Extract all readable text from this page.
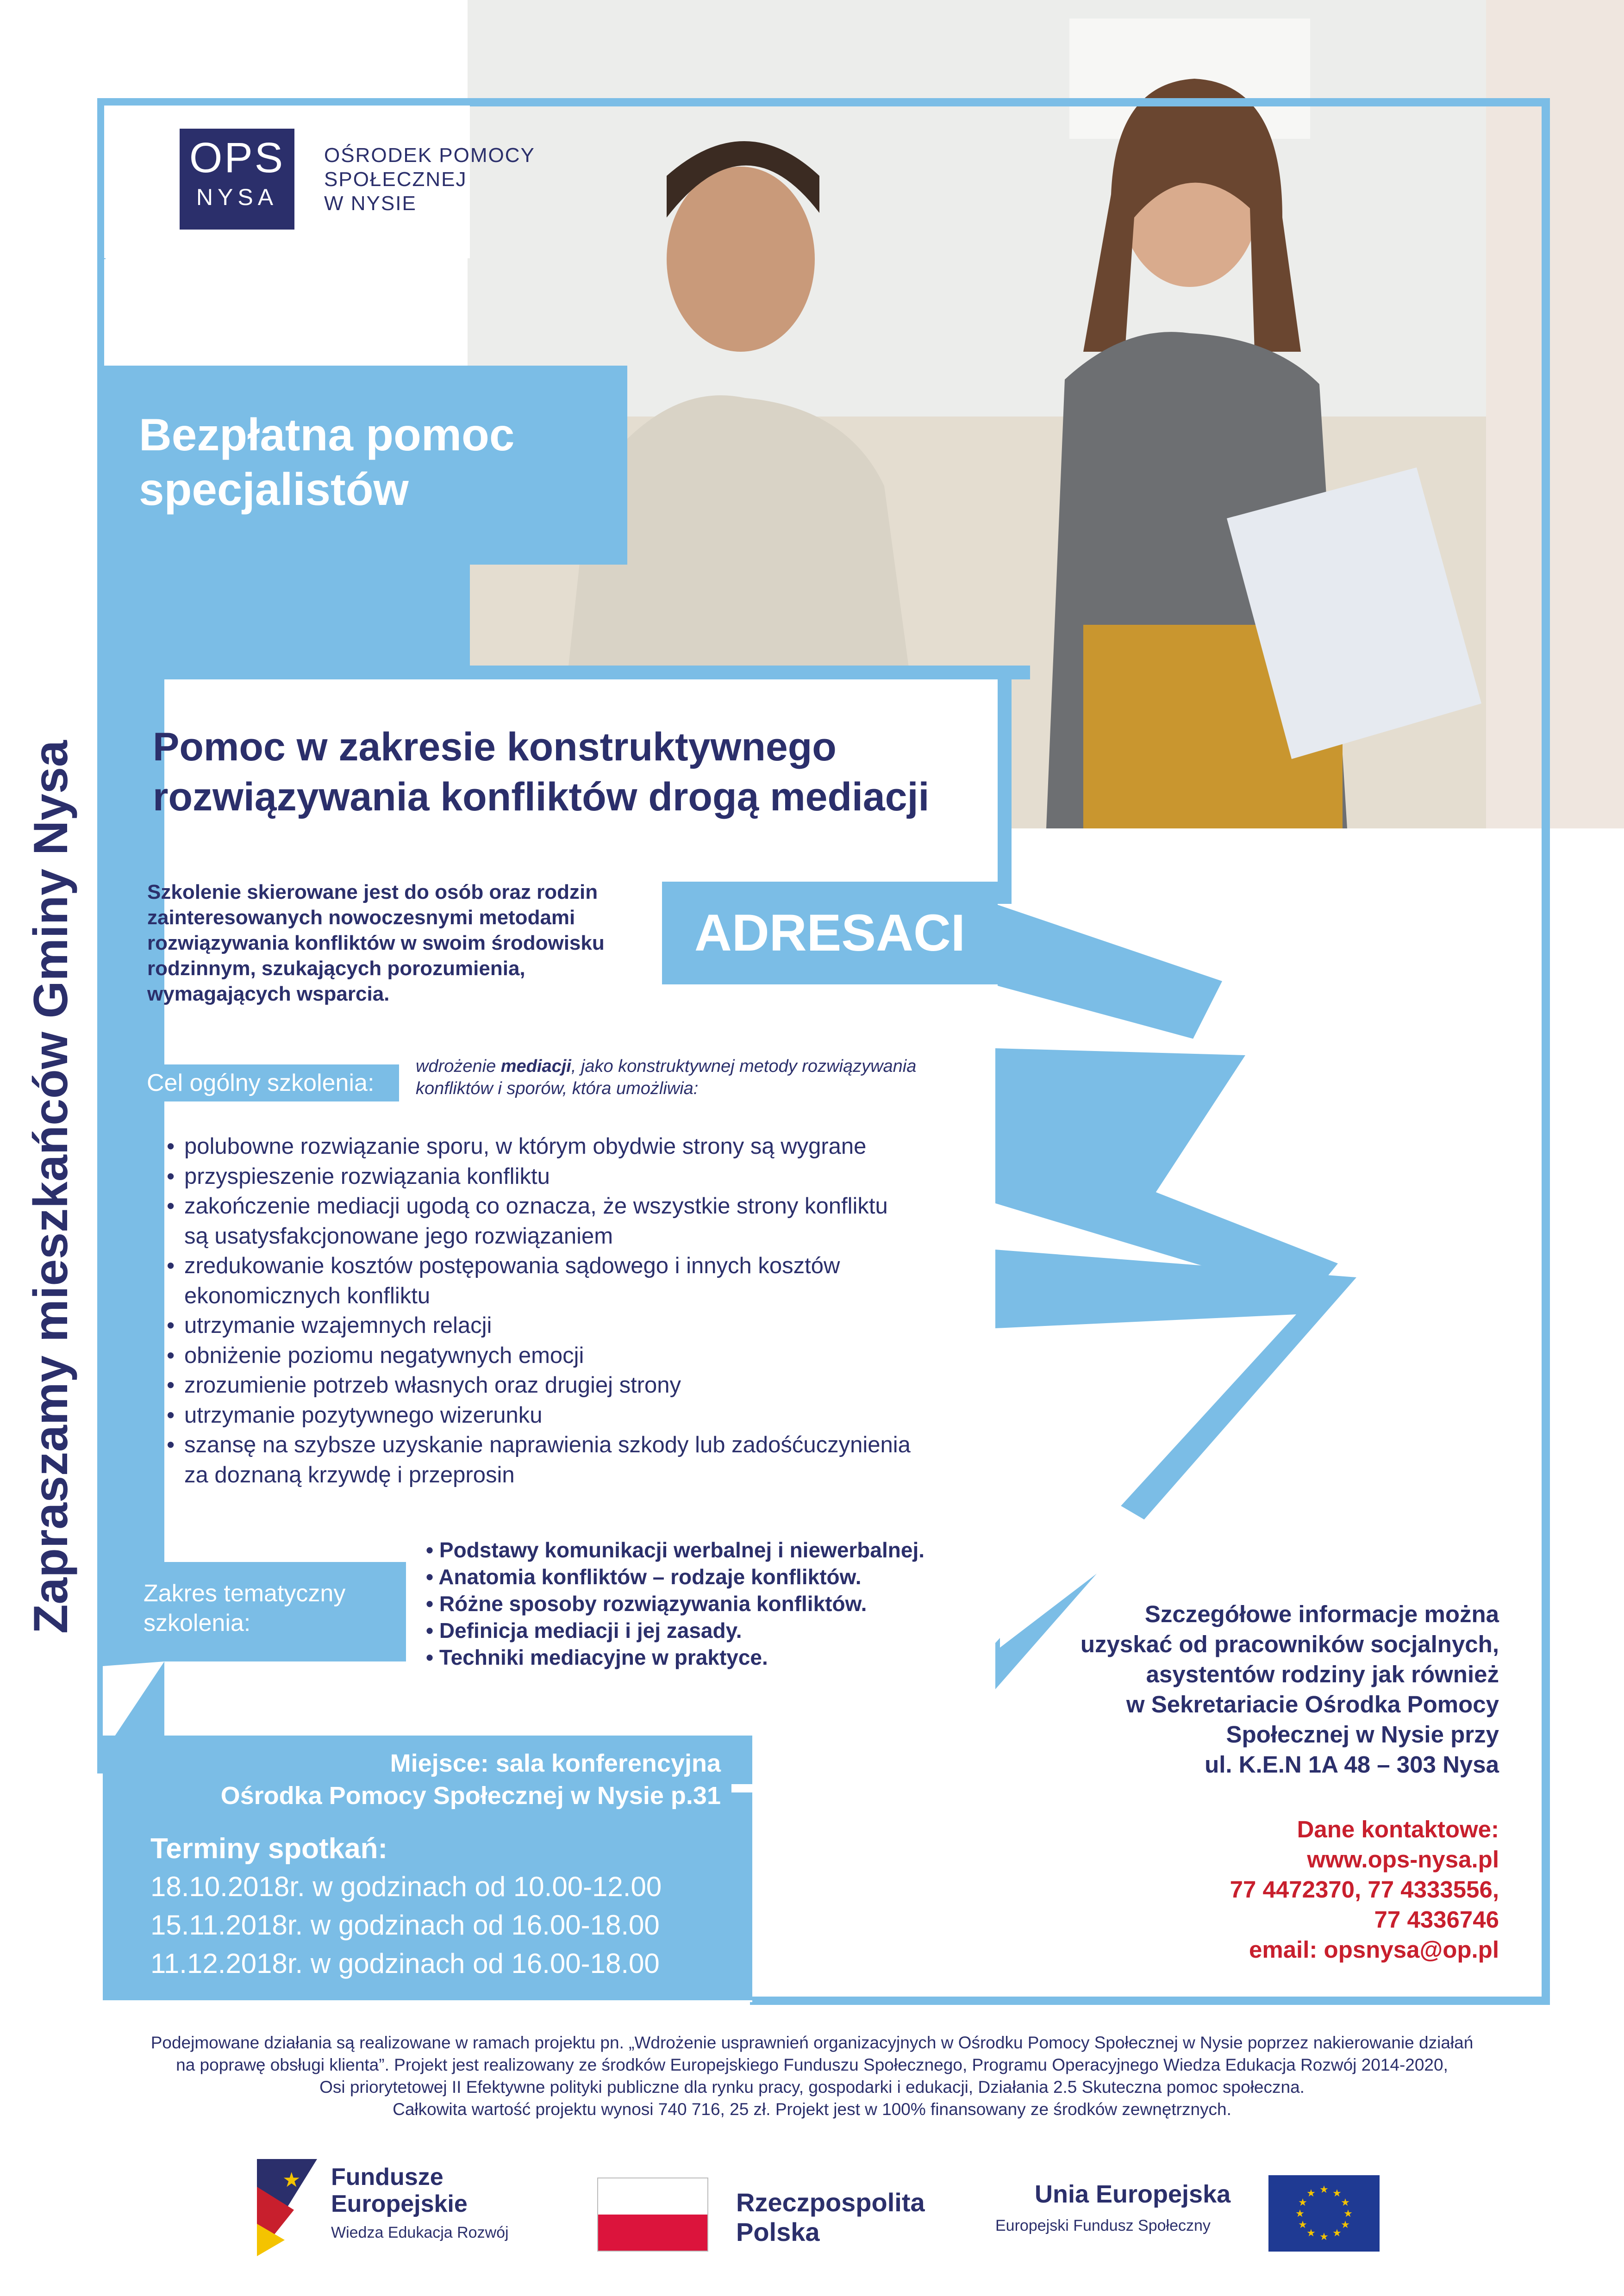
OPS
NYSA
OŚRODEK POMOCY
SPOŁECZNEJ
W NYSIE
Bezpłatna pomoc
specjalistów
Zapraszamy mieszkańców Gminy Nysa Pomoc w zakresie konstruktywnego
rozwiązywania konfliktów drogą mediacji
Szkolenie skierowane jest do osób oraz rodzin
zainteresowanych nowoczesnymi metodami
rozwiązywania konfliktów w swoim środowisku
rodzinnym, szukających porozumienia,
wymagających wsparcia.
ADRESACI
Cel ogólny szkolenia:
wdrożenie mediacji, jako konstruktywnej metody rozwiązywania
konfliktów i sporów, która umożliwia:
• polubowne rozwiązanie sporu, w którym obydwie strony są wygrane
• przyspieszenie rozwiązania konfliktu
• zakończenie mediacji ugodą co oznacza, że wszystkie strony konfliktu
są usatysfakcjonowane jego rozwiązaniem
• zredukowanie kosztów postępowania sądowego i innych kosztów
ekonomicznych konfliktu
• utrzymanie wzajemnych relacji
• obniżenie poziomu negatywnych emocji
• zrozumienie potrzeb własnych oraz drugiej strony
• utrzymanie pozytywnego wizerunku
• szansę na szybsze uzyskanie naprawienia szkody lub zadośćuczynienia
za doznaną krzywdę i przeprosin
Zakres tematyczny
szkolenia:
• Podstawy komunikacji werbalnej i niewerbalnej.
• Anatomia konfliktów – rodzaje konfliktów.
• Różne sposoby rozwiązywania konfliktów.
• Definicja mediacji i jej zasady.
• Techniki mediacyjne w praktyce.
Miejsce: sala konferencyjna
Ośrodka Pomocy Społecznej w Nysie p.31
Terminy spotkań:
18.10.2018r. w godzinach od 10.00-12.00
15.11.2018r. w godzinach od 16.00-18.00
11.12.2018r. w godzinach od 16.00-18.00
Szczegółowe informacje można
uzyskać od pracowników socjalnych,
asystentów rodziny jak również
w Sekretariacie Ośrodka Pomocy
Społecznej w Nysie przy
ul. K.E.N 1A 48 – 303 Nysa
Dane kontaktowe:
www.ops-nysa.pl
77 4472370, 77 4333556,
77 4336746
email: opsnysa@op.pl
Podejmowane działania są realizowane w ramach projektu pn. „Wdrożenie usprawnień organizacyjnych w Ośrodku Pomocy Społecznej w Nysie poprzez nakierowanie działań
na poprawę obsługi klienta”. Projekt jest realizowany ze środków Europejskiego Funduszu Społecznego, Programu Operacyjnego Wiedza Edukacja Rozwój 2014-2020,
Osi priorytetowej II Efektywne polityki publiczne dla rynku pracy, gospodarki i edukacji, Działania 2.5 Skuteczna pomoc społeczna.
Całkowita wartość projektu wynosi 740 716, 25 zł. Projekt jest w 100% finansowany ze środków zewnętrznych.
★ Fundusze
Europejskie
Wiedza Edukacja Rozwój
Rzeczpospolita
Polska
Unia Europejska
Europejski Fundusz Społeczny
★ ★
★
★
★
★
★
★
★
★
★
★
